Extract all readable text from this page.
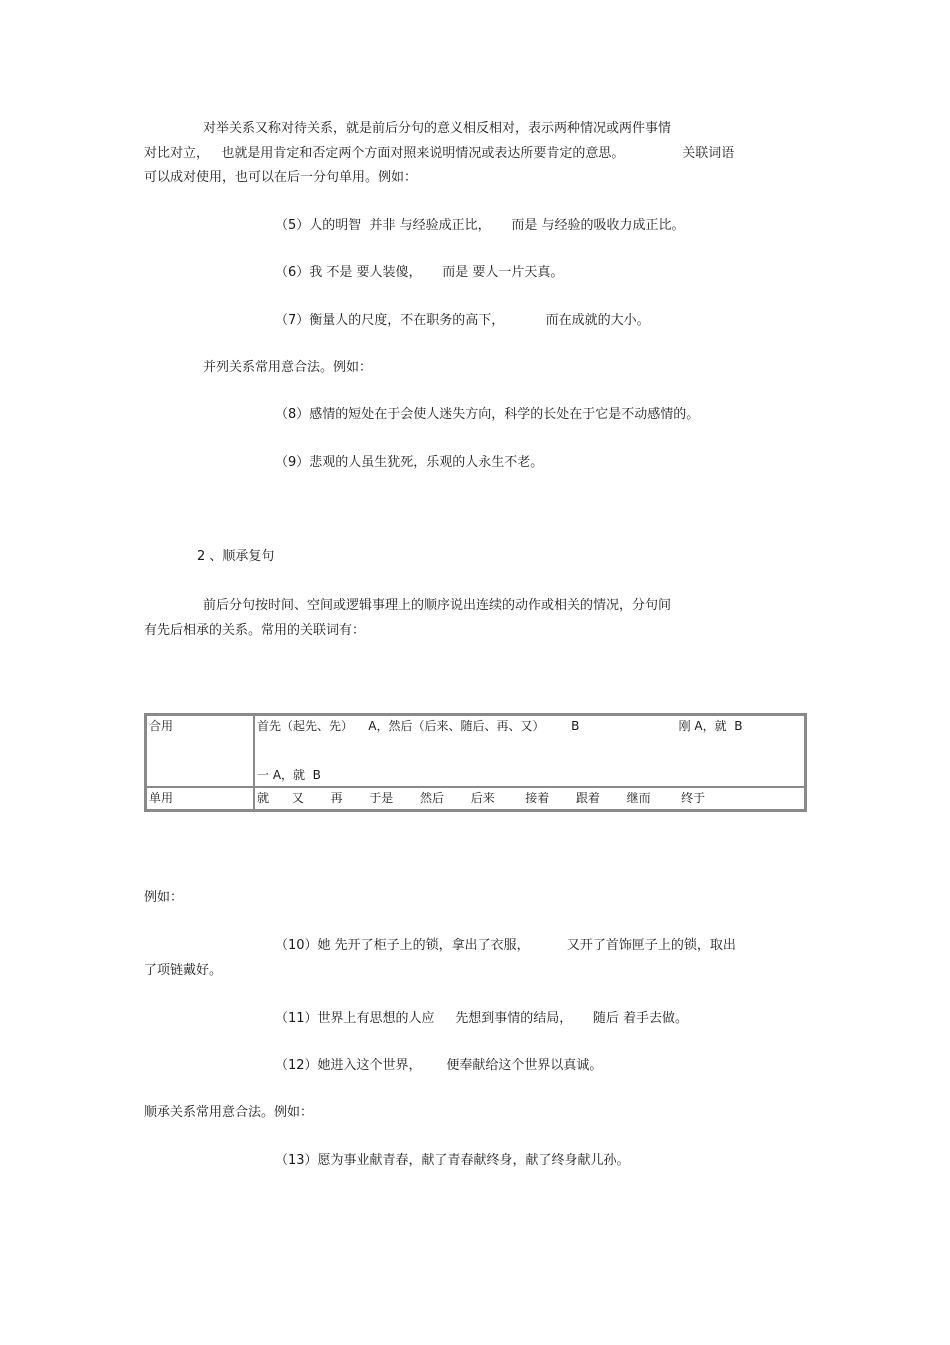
对举关系又称对待关系，就是前后分句的意义相反相对，表示两种情况或两件事情
对比对立，   也就是用肯定和否定两个方面对照来说明情况或表达所要肯定的意思。              关联词语
可以成对使用，也可以在后一分句单用。例如：
（5）人的明智  并非 与经验成正比，     而是 与经验的吸收力成正比。
（6）我 不是 要人装傻，     而是 要人一片天真。
（7）衡量人的尺度，不在职务的高下，          而在成就的大小。
并列关系常用意合法。例如：
（8）感情的短处在于会使人迷失方向，科学的长处在于它是不动感情的。
（9）悲观的人虽生犹死，乐观的人永生不老。
2 、顺承复句
前后分句按时间、空间或逻辑事理上的顺序说出连续的动作或相关的情况，分句间
有先后相承的关系。常用的关联词有：
合用	首先（起先、先）    A，然后（后来、随后、再、又）       B                          刚 A，就  B
一 A，就  B

单用	就      又       再       于是       然后       后来        接着       跟着       继而        终于
例如：
（10）她 先开了柜子上的锁，拿出了衣服，         又开了首饰匣子上的锁，取出
了项链戴好。
（11）世界上有思想的人应     先想到事情的结局，     随后 着手去做。
（12）她进入这个世界，      便奉献给这个世界以真诚。
顺承关系常用意合法。例如：
（13）愿为事业献青春，献了青春献终身，献了终身献儿孙。
